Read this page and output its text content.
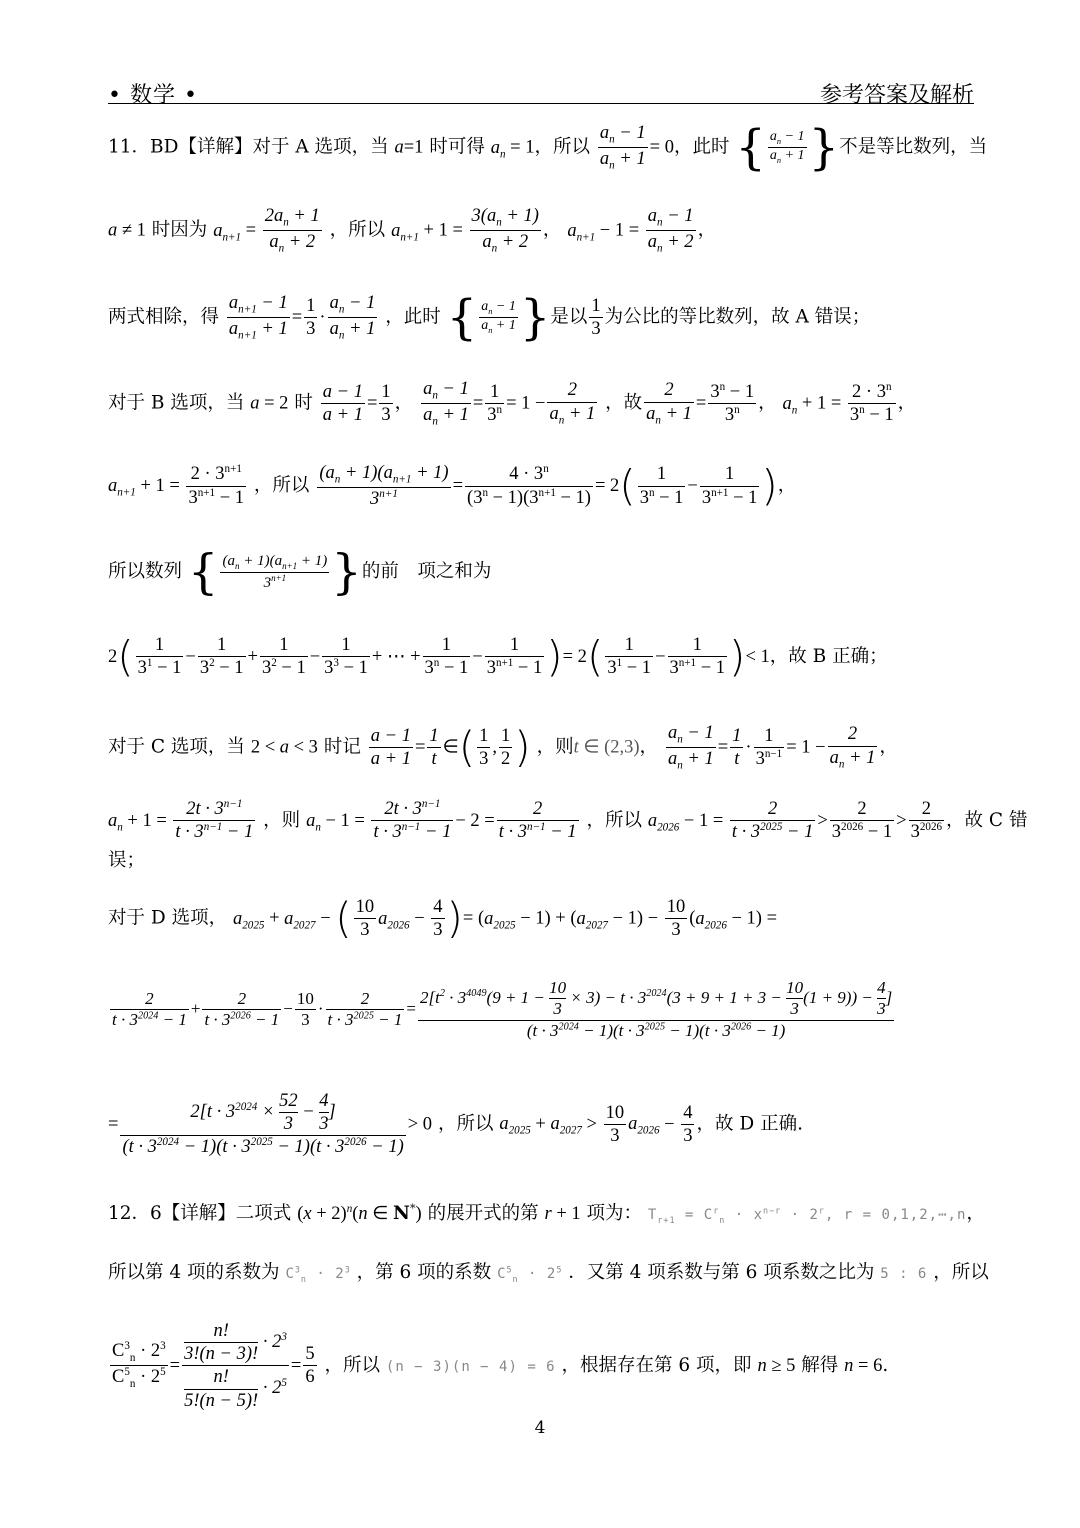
• 数学 •	参考答案及解析
11．BD【详解】对于 A 选项，当 a=1 时可得 $a_n = 1$，所以 $\frac{a_n - 1}{a_n + 1} = 0$，此时 { $\frac{a_n - 1}{a_n + 1}$ }不是等比数列，当
a ≠ 1 时因为 $a_{n+1} = \frac{2a_n + 1}{a_n + 2}$ ，所以 $a_{n+1} + 1 = \frac{3(a_n + 1)}{a_n + 2}$ ， $a_{n+1} - 1 = \frac{a_n - 1}{a_n + 2}$ ，
两式相除，得 $\frac{a_{n+1} - 1}{a_{n+1} + 1} = \frac{1}{3} \cdot \frac{a_n - 1}{a_n + 1}$ ，此时 { $\frac{a_n - 1}{a_n + 1}$ }是以 $\frac{1}{3}$ 为公比的等比数列，故 A 错误；
对于 B 选项，当 a = 2 时 $\frac{a - 1}{a + 1} = \frac{1}{3}$ ， $\frac{a_n - 1}{a_n + 1} = \frac{1}{3^n} = 1 - \frac{2}{a_n + 1}$ ，故 $\frac{2}{a_n + 1} = \frac{3^n - 1}{3^n}$ ， $a_n + 1 = \frac{2 \cdot 3^n}{3^n - 1}$ ，
$a_{n+1} + 1 = \frac{2 \cdot 3^{n+1}}{3^{n+1} - 1}$ ，所以 $\frac{(a_n + 1)(a_{n+1} + 1)}{3^{n+1}} = \frac{4 \cdot 3^n}{(3^n - 1)(3^{n+1} - 1)} = 2( \frac{1}{3^n - 1} - \frac{1}{3^{n+1} - 1}$ )，
所以数列 { $\frac{(a_n + 1)(a_{n+1} + 1)}{3^{n+1}}$ }的前　项之和为
$2( \frac{1}{3^1 - 1} - \frac{1}{3^2 - 1} + \frac{1}{3^2 - 1} - \frac{1}{3^3 - 1}$ + ⋯ + $\frac{1}{3^n - 1} - \frac{1}{3^{n+1} - 1}$ )= $2( \frac{1}{3^1 - 1} - \frac{1}{3^{n+1} - 1}$ )< 1，故 B 正确；
对于 C 选项，当 2 < a < 3 时记 $\frac{a - 1}{a + 1} = \frac{1}{t}$ ∈( $\frac{1}{3}$ , $\frac{1}{2}$ ) ，则t ∈ (2,3)， $\frac{a_n - 1}{a_n + 1} = \frac{1}{t} \cdot \frac{1}{3^{n-1}} = 1 - \frac{2}{a_n + 1}$ ，
$a_n + 1 = \frac{2t \cdot 3^{n-1}}{t \cdot 3^{n-1} - 1}$ ，则 $a_n - 1 = \frac{2t \cdot 3^{n-1}}{t \cdot 3^{n-1} - 1} - 2 = \frac{2}{t \cdot 3^{n-1} - 1}$ ，所以 $a_{2026} - 1 = \frac{2}{t \cdot 3^{2025} - 1} > \frac{2}{3^{2026} - 1} > \frac{2}{3^{2026}}$ ，故 C 错
误；
对于 D 选项， $a_{2025} + a_{2027}$ − ( $\frac{10}{3} a_{2026} - \frac{4}{3}$ )= $(a_{2025} - 1) + (a_{2027} - 1) - \frac{10}{3} (a_{2026} - 1)$ =
$\frac{2}{t \cdot 3^{2024} - 1} + \frac{2}{t \cdot 3^{2026} - 1} - \frac{10}{3} \cdot \frac{2}{t \cdot 3^{2025} - 1}$ =
$2[t^2 \cdot 3^{4049}(9 + 1 - \frac{10}{3} \times 3) - t \cdot 3^{2024}(3 + 9 + 1 + 3 - \frac{10}{3} (1 + 9)) - \frac{4}{3}$ ]
$(t \cdot 3^{2024} - 1)(t \cdot 3^{2025} - 1)(t \cdot 3^{2026} - 1)$
= $\frac{2[t \cdot 3^{2024} \times \frac{52}{3} - \frac{4}{3} ]}{(t \cdot 3^{2024} - 1)(t \cdot 3^{2025} - 1)(t \cdot 3^{2026} - 1)} > 0$ ，所以 $a_{2025} + a_{2027} > \frac{10}{3} a_{2026} - \frac{4}{3}$ ，故 D 正确.
12．6【详解】二项式 $(x + 2)^n(n$ ∈ N*) 的展开式的第 r + 1 项为： $T_{r+1} = C^r_n \cdot x^{n-r} \cdot 2^r$, r = 0,1,2,⋯,n，
所以第 4 项的系数为 $C^3_n \cdot 2^3$ ，第 6 项的系数 $C^5_n \cdot 2^5$ ．又第 4 项系数与第 6 项系数之比为 5 : 6 ，所以
$\frac{C^3_n \cdot 2^3}{C^5_n \cdot 2^5} = \frac{\frac{n!}{3!(n - 3)!} \cdot 2^3}{\frac{n!}{5!(n - 5)!} \cdot 2^5} = \frac{5}{6}$ ，所以 (n − 3)(n − 4) = 6 ，根据存在第 6 项，即 n ≥ 5 解得 n = 6.
4
